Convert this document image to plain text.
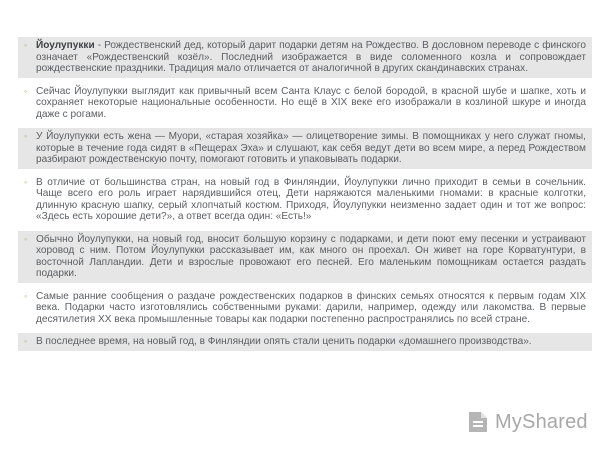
◦ Йоулупукки - Рождественский дед, который дарит подарки детям на Рождество. В дословном переводе с финского означает «Рождественский козёл». Последний изображается в виде соломенного козла и сопровождает рождественские праздники. Традиция мало отличается от аналогичной в других скандинавских странах.
◦ Сейчас Йоулупукки выглядит как привычный всем Санта Клаус с белой бородой, в красной шубе и шапке, хоть и сохраняет некоторые национальные особенности. Но ещё в XIX веке его изображали в козлиной шкуре и иногда даже с рогами.
◦ У Йоулупукки есть жена — Муори, «старая хозяйка» — олицетворение зимы. В помощниках у него служат гномы, которые в течение года сидят в «Пещерах Эха» и слушают, как себя ведут дети во всем мире, а перед Рождеством разбирают рождественскую почту, помогают готовить и упаковывать подарки.
◦ В отличие от большинства стран, на новый год в Финляндии, Йоулупукки лично приходит в семьи в сочельник. Чаще всего его роль играет нарядившийся отец, Дети наряжаются маленькими гномами: в красные колготки, длинную красную шапку, серый хлопчатый костюм. Приходя, Йоулупукки неизменно задает один и тот же вопрос: «Здесь есть хорошие дети?», а ответ всегда один: «Есть!»
◦ Обычно Йоулупукки, на новый год, вносит большую корзину с подарками, и дети поют ему песенки и устраивают хоровод с ним. Потом Йоулупукки рассказывает им, как много он проехал. Он живет на горе Корватунтури, в восточной Лапландии. Дети и взрослые провожают его песней. Его маленьким помощникам остается раздать подарки.
◦ Самые ранние сообщения о раздаче рождественских подарков в финских семьях относятся к первым годам XIX века. Подарки часто изготовлялись собственными руками: дарили, например, одежду или лакомства. В первые десятилетия XX века промышленные товары как подарки постепенно распространялись по всей стране.
◦ В последнее время, на новый год, в Финляндии опять стали ценить подарки «домашнего производства».
MyShared
